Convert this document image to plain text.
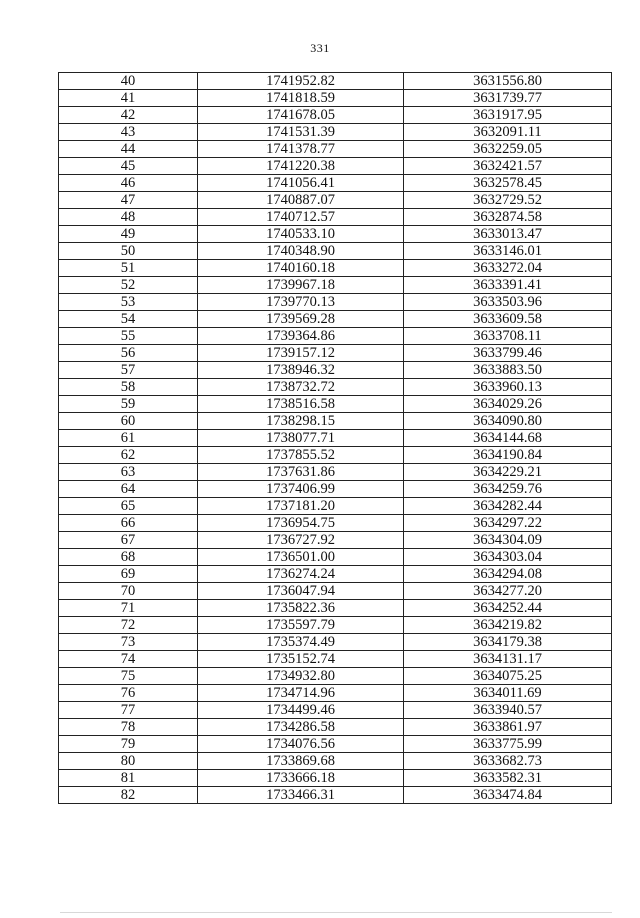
331
40	1741952.82	3631556.80
41	1741818.59	3631739.77
42	1741678.05	3631917.95
43	1741531.39	3632091.11
44	1741378.77	3632259.05
45	1741220.38	3632421.57
46	1741056.41	3632578.45
47	1740887.07	3632729.52
48	1740712.57	3632874.58
49	1740533.10	3633013.47
50	1740348.90	3633146.01
51	1740160.18	3633272.04
52	1739967.18	3633391.41
53	1739770.13	3633503.96
54	1739569.28	3633609.58
55	1739364.86	3633708.11
56	1739157.12	3633799.46
57	1738946.32	3633883.50
58	1738732.72	3633960.13
59	1738516.58	3634029.26
60	1738298.15	3634090.80
61	1738077.71	3634144.68
62	1737855.52	3634190.84
63	1737631.86	3634229.21
64	1737406.99	3634259.76
65	1737181.20	3634282.44
66	1736954.75	3634297.22
67	1736727.92	3634304.09
68	1736501.00	3634303.04
69	1736274.24	3634294.08
70	1736047.94	3634277.20
71	1735822.36	3634252.44
72	1735597.79	3634219.82
73	1735374.49	3634179.38
74	1735152.74	3634131.17
75	1734932.80	3634075.25
76	1734714.96	3634011.69
77	1734499.46	3633940.57
78	1734286.58	3633861.97
79	1734076.56	3633775.99
80	1733869.68	3633682.73
81	1733666.18	3633582.31
82	1733466.31	3633474.84
